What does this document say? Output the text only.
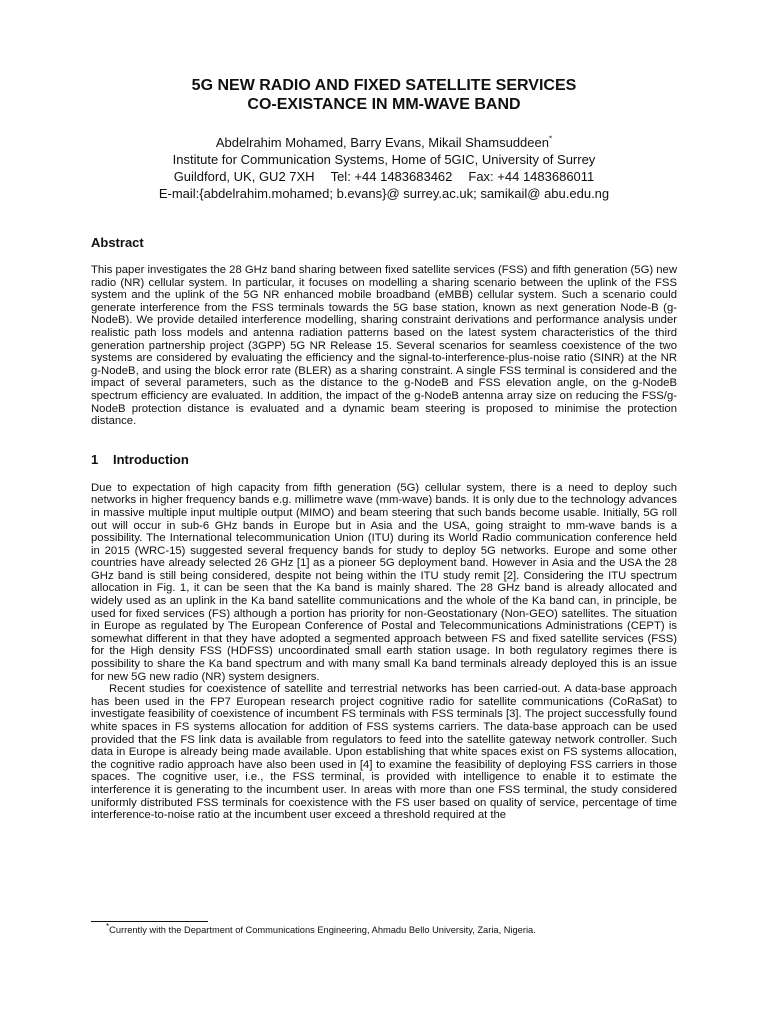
5G NEW RADIO AND FIXED SATELLITE SERVICES

CO-EXISTANCE IN MM-WAVE BAND

Abdelrahim Mohamed, Barry Evans, Mikail Shamsuddeen*
Institute for Communication Systems, Home of 5GIC, University of Surrey
Guildford, UK, GU2 7XH Tel: +44 1483683462 Fax: +44 1483686011
E-mail:{abdelrahim.mohamed; b.evans}@ surrey.ac.uk; samikail@ abu.edu.ng
Abstract

This paper investigates the 28 GHz band sharing between fixed satellite services (FSS) and fifth generation (5G) new radio (NR) cellular system. In particular, it focuses on modelling a sharing scenario between the uplink of the FSS system and the uplink of the 5G NR enhanced mobile broadband (eMBB) cellular system. Such a scenario could generate interference from the FSS terminals towards the 5G base station, known as next generation Node-B (g-NodeB). We provide detailed interference modelling, sharing constraint derivations and performance analysis under realistic path loss models and antenna radiation patterns based on the latest system characteristics of the third generation partnership project (3GPP) 5G NR Release 15. Several scenarios for seamless coexistence of the two systems are considered by evaluating the efficiency and the signal-to-interference-plus-noise ratio (SINR) at the NR g-NodeB, and using the block error rate (BLER) as a sharing constraint. A single FSS terminal is considered and the impact of several parameters, such as the distance to the g-NodeB and FSS elevation angle, on the g-NodeB spectrum efficiency are evaluated. In addition, the impact of the g-NodeB antenna array size on reducing the FSS/g-NodeB protection distance is evaluated and a dynamic beam steering is proposed to minimise the protection distance.

1 Introduction

Due to expectation of high capacity from fifth generation (5G) cellular system, there is a need to deploy such networks in higher frequency bands e.g. millimetre wave (mm-wave) bands. It is only due to the technology advances in massive multiple input multiple output (MIMO) and beam steering that such bands become usable. Initially, 5G roll out will occur in sub-6 GHz bands in Europe but in Asia and the USA, going straight to mm-wave bands is a possibility. The International telecommunication Union (ITU) during its World Radio communication conference held in 2015 (WRC-15) suggested several frequency bands for study to deploy 5G networks. Europe and some other countries have already selected 26 GHz [1] as a pioneer 5G deployment band. However in Asia and the USA the 28 GHz band is still being considered, despite not being within the ITU study remit [2]. Considering the ITU spectrum allocation in Fig. 1, it can be seen that the Ka band is mainly shared. The 28 GHz band is already allocated and widely used as an uplink in the Ka band satellite communications and the whole of the Ka band can, in principle, be used for fixed services (FS) although a portion has priority for non-Geostationary (Non-GEO) satellites. The situation in Europe as regulated by The European Conference of Postal and Telecommunications Administrations (CEPT) is somewhat different in that they have adopted a segmented approach between FS and fixed satellite services (FSS) for the High density FSS (HDFSS) uncoordinated small earth station usage. In both regulatory regimes there is possibility to share the Ka band spectrum and with many small Ka band terminals already deployed this is an issue for new 5G new radio (NR) system designers.

Recent studies for coexistence of satellite and terrestrial networks has been carried-out. A data-base approach has been used in the FP7 European research project cognitive radio for satellite communications (CoRaSat) to investigate feasibility of coexistence of incumbent FS terminals with FSS terminals [3]. The project successfully found white spaces in FS systems allocation for addition of FSS systems carriers. The data-base approach can be used provided that the FS link data is available from regulators to feed into the satellite gateway network controller. Such data in Europe is already being made available. Upon establishing that white spaces exist on FS systems allocation, the cognitive radio approach have also been used in [4] to examine the feasibility of deploying FSS carriers in those spaces. The cognitive user, i.e., the FSS terminal, is provided with intelligence to enable it to estimate the interference it is generating to the incumbent user. In areas with more than one FSS terminal, the study considered uniformly distributed FSS terminals for coexistence with the FS user based on quality of service, percentage of time interference-to-noise ratio at the incumbent user exceed a threshold required at the

*Currently with the Department of Communications Engineering, Ahmadu Bello University, Zaria, Nigeria.
